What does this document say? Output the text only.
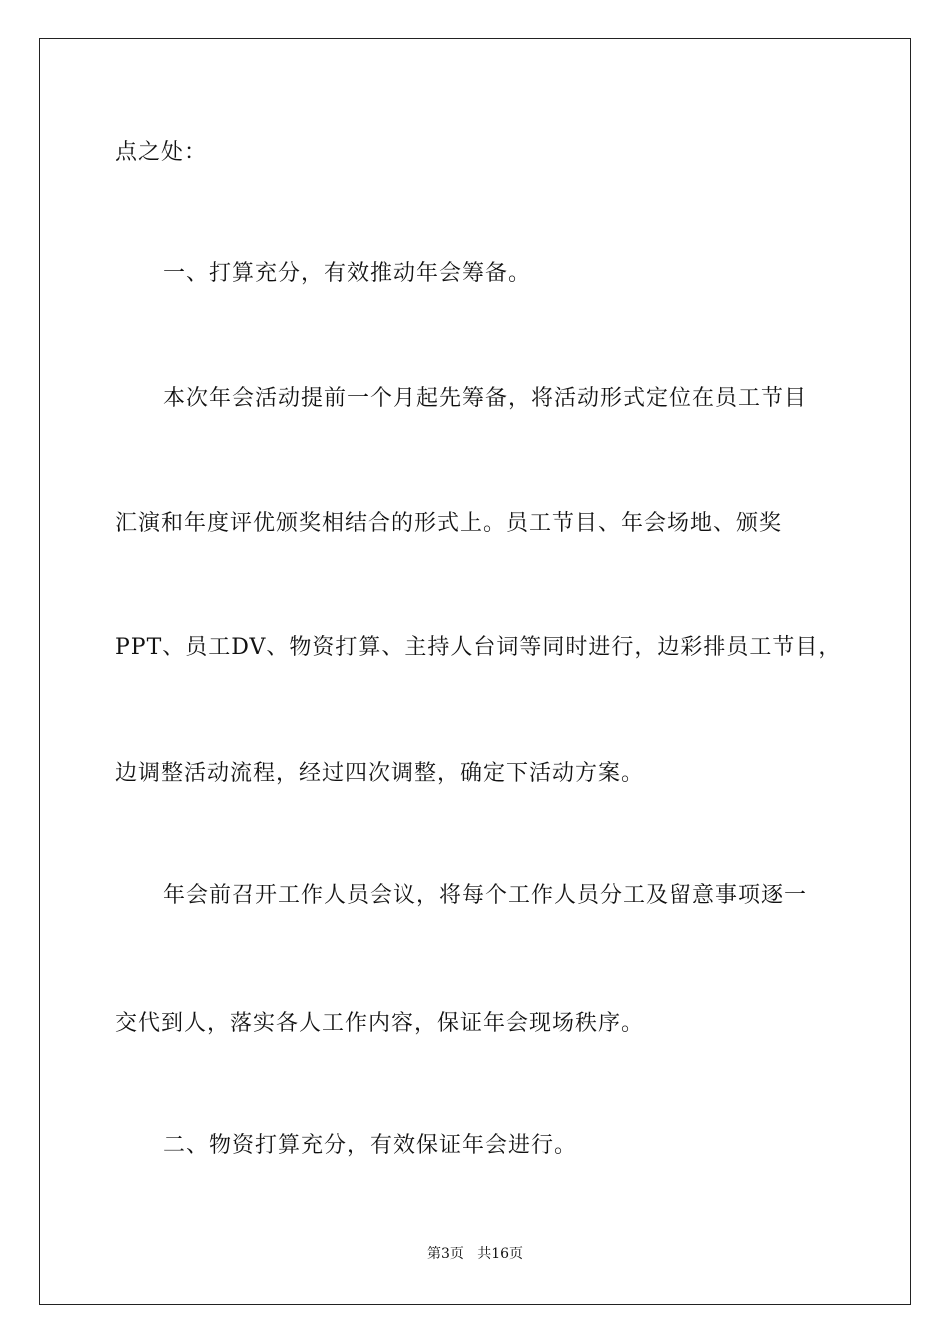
点之处：
一、打算充分，有效推动年会筹备。
本次年会活动提前一个月起先筹备，将活动形式定位在员工节目
汇演和年度评优颁奖相结合的形式上。员工节目、年会场地、颁奖
PPT、员工DV、物资打算、主持人台词等同时进行，边彩排员工节目，
边调整活动流程，经过四次调整，确定下活动方案。
年会前召开工作人员会议，将每个工作人员分工及留意事项逐一
交代到人，落实各人工作内容，保证年会现场秩序。
二、物资打算充分，有效保证年会进行。
第3页   共16页
